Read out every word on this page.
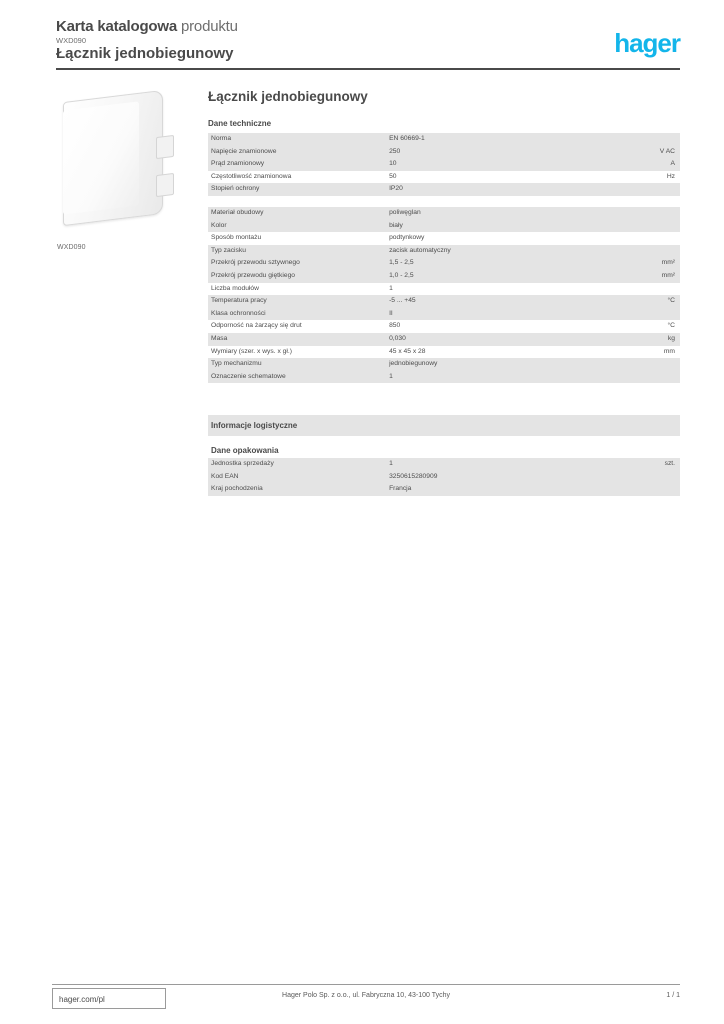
Karta katalogowa produktu
WXD090
Łącznik jednobiegunowy	hager
WXD090
Łącznik jednobiegunowy
Dane techniczne
Norma	EN 60669-1	
Napięcie znamionowe	250	V AC
Prąd znamionowy	10	A
Częstotliwość znamionowa	50	Hz
Stopień ochrony	IP20	

Materiał obudowy	poliwęglan	
Kolor	biały	
Sposób montażu	podtynkowy	
Typ zacisku	zacisk automatyczny	
Przekrój przewodu sztywnego	1,5 - 2,5	mm²
Przekrój przewodu giętkiego	1,0 - 2,5	mm²
Liczba modułów	1	
Temperatura pracy	-5 ... +45	°C
Klasa ochronności	II	
Odporność na żarzący się drut	850	°C
Masa	0,030	kg
Wymiary (szer. x wys. x gł.)	45 x 45 x 28	mm
Typ mechanizmu	jednobiegunowy	
Oznaczenie schematowe	1	
Informacje logistyczne
Dane opakowania
Jednostka sprzedaży	1	szt.
Kod EAN	3250615280909	
Kraj pochodzenia	Francja	
hager.com/pl	Hager Polo Sp. z o.o., ul. Fabryczna 10, 43-100 Tychy	1 / 1
